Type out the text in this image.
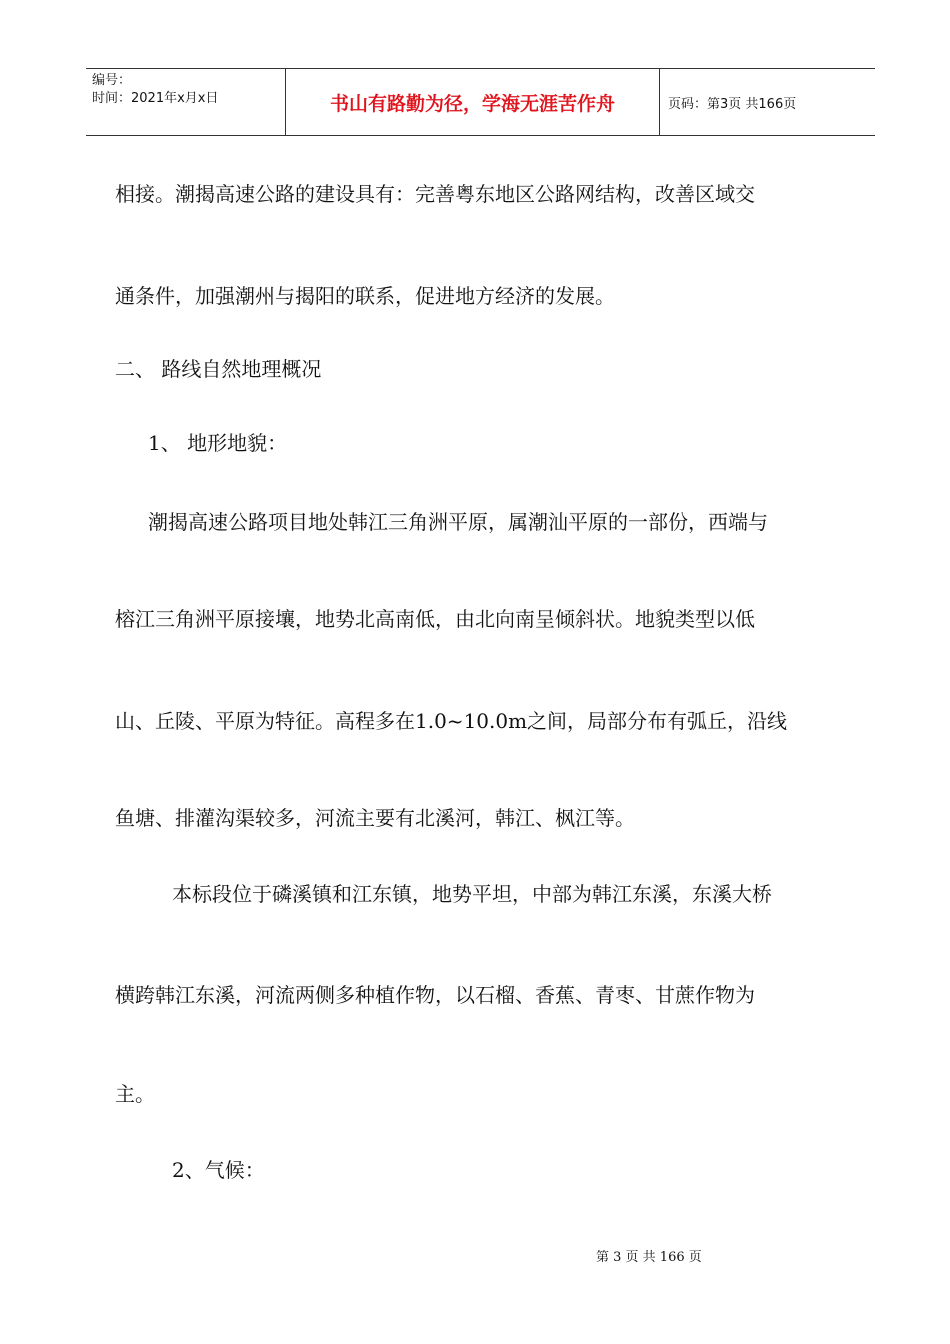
编号：
时间：2021年x月x日	书山有路勤为径，学海无涯苦作舟	页码：第3页 共166页
相接。潮揭高速公路的建设具有：完善粤东地区公路网结构，改善区域交
通条件，加强潮州与揭阳的联系，促进地方经济的发展。
二、 路线自然地理概况
1、 地形地貌：
潮揭高速公路项目地处韩江三角洲平原，属潮汕平原的一部份，西端与
榕江三角洲平原接壤，地势北高南低，由北向南呈倾斜状。地貌类型以低
山、丘陵、平原为特征。高程多在1.0~10.0m之间，局部分布有弧丘，沿线
鱼塘、排灌沟渠较多，河流主要有北溪河，韩江、枫江等。
本标段位于磷溪镇和江东镇，地势平坦，中部为韩江东溪，东溪大桥
横跨韩江东溪，河流两侧多种植作物，以石榴、香蕉、青枣、甘蔗作物为
主。
2、气候：
第 3 页 共 166 页
